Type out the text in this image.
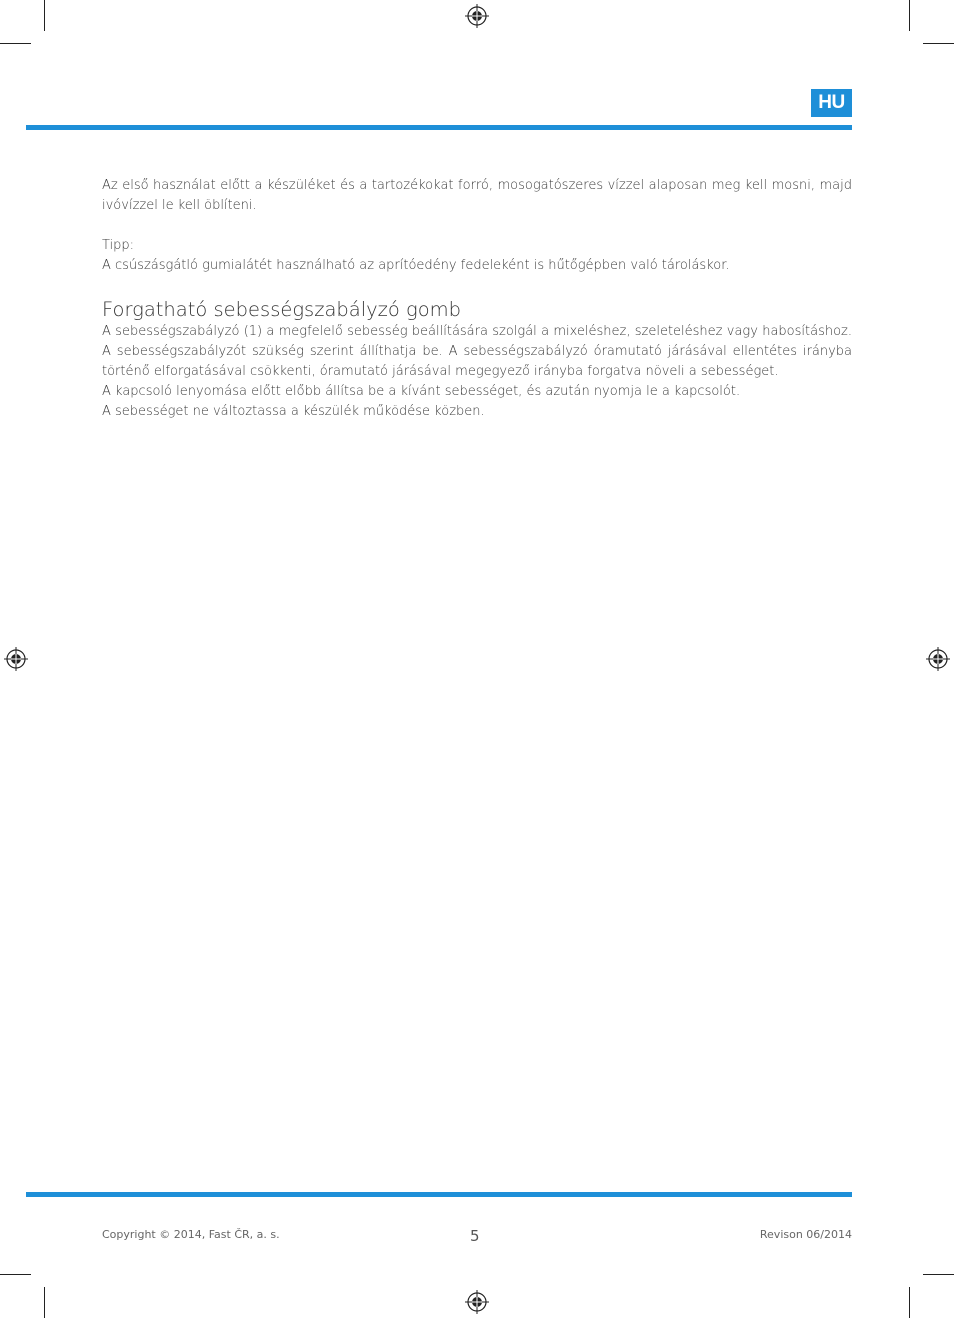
HU

Az első használat előtt a készüléket és a tartozékokat forró, mosogatószeres vízzel alaposan meg kell mosni, majd ivóvízzel le kell öblíteni.

Tipp:

A csúszásgátló gumialátét használható az aprítóedény fedeleként is hűtőgépben való tároláskor.

Forgatható sebességszabályzó gomb

A sebességszabályzó (1) a megfelelő sebesség beállítására szolgál a mixeléshez, szeleteléshez vagy habosításhoz. A sebességszabályzót szükség szerint állíthatja be. A sebességszabályzó óramutató járásával ellentétes irányba történő elforgatásával csökkenti, óramutató járásával megegyező irányba forgatva növeli a sebességet.

A kapcsoló lenyomása előtt előbb állítsa be a kívánt sebességet, és azután nyomja le a kapcsolót.

A sebességet ne változtassa a készülék működése közben.

Copyright © 2014, Fast ČR, a. s.	5	Revison 06/2014
